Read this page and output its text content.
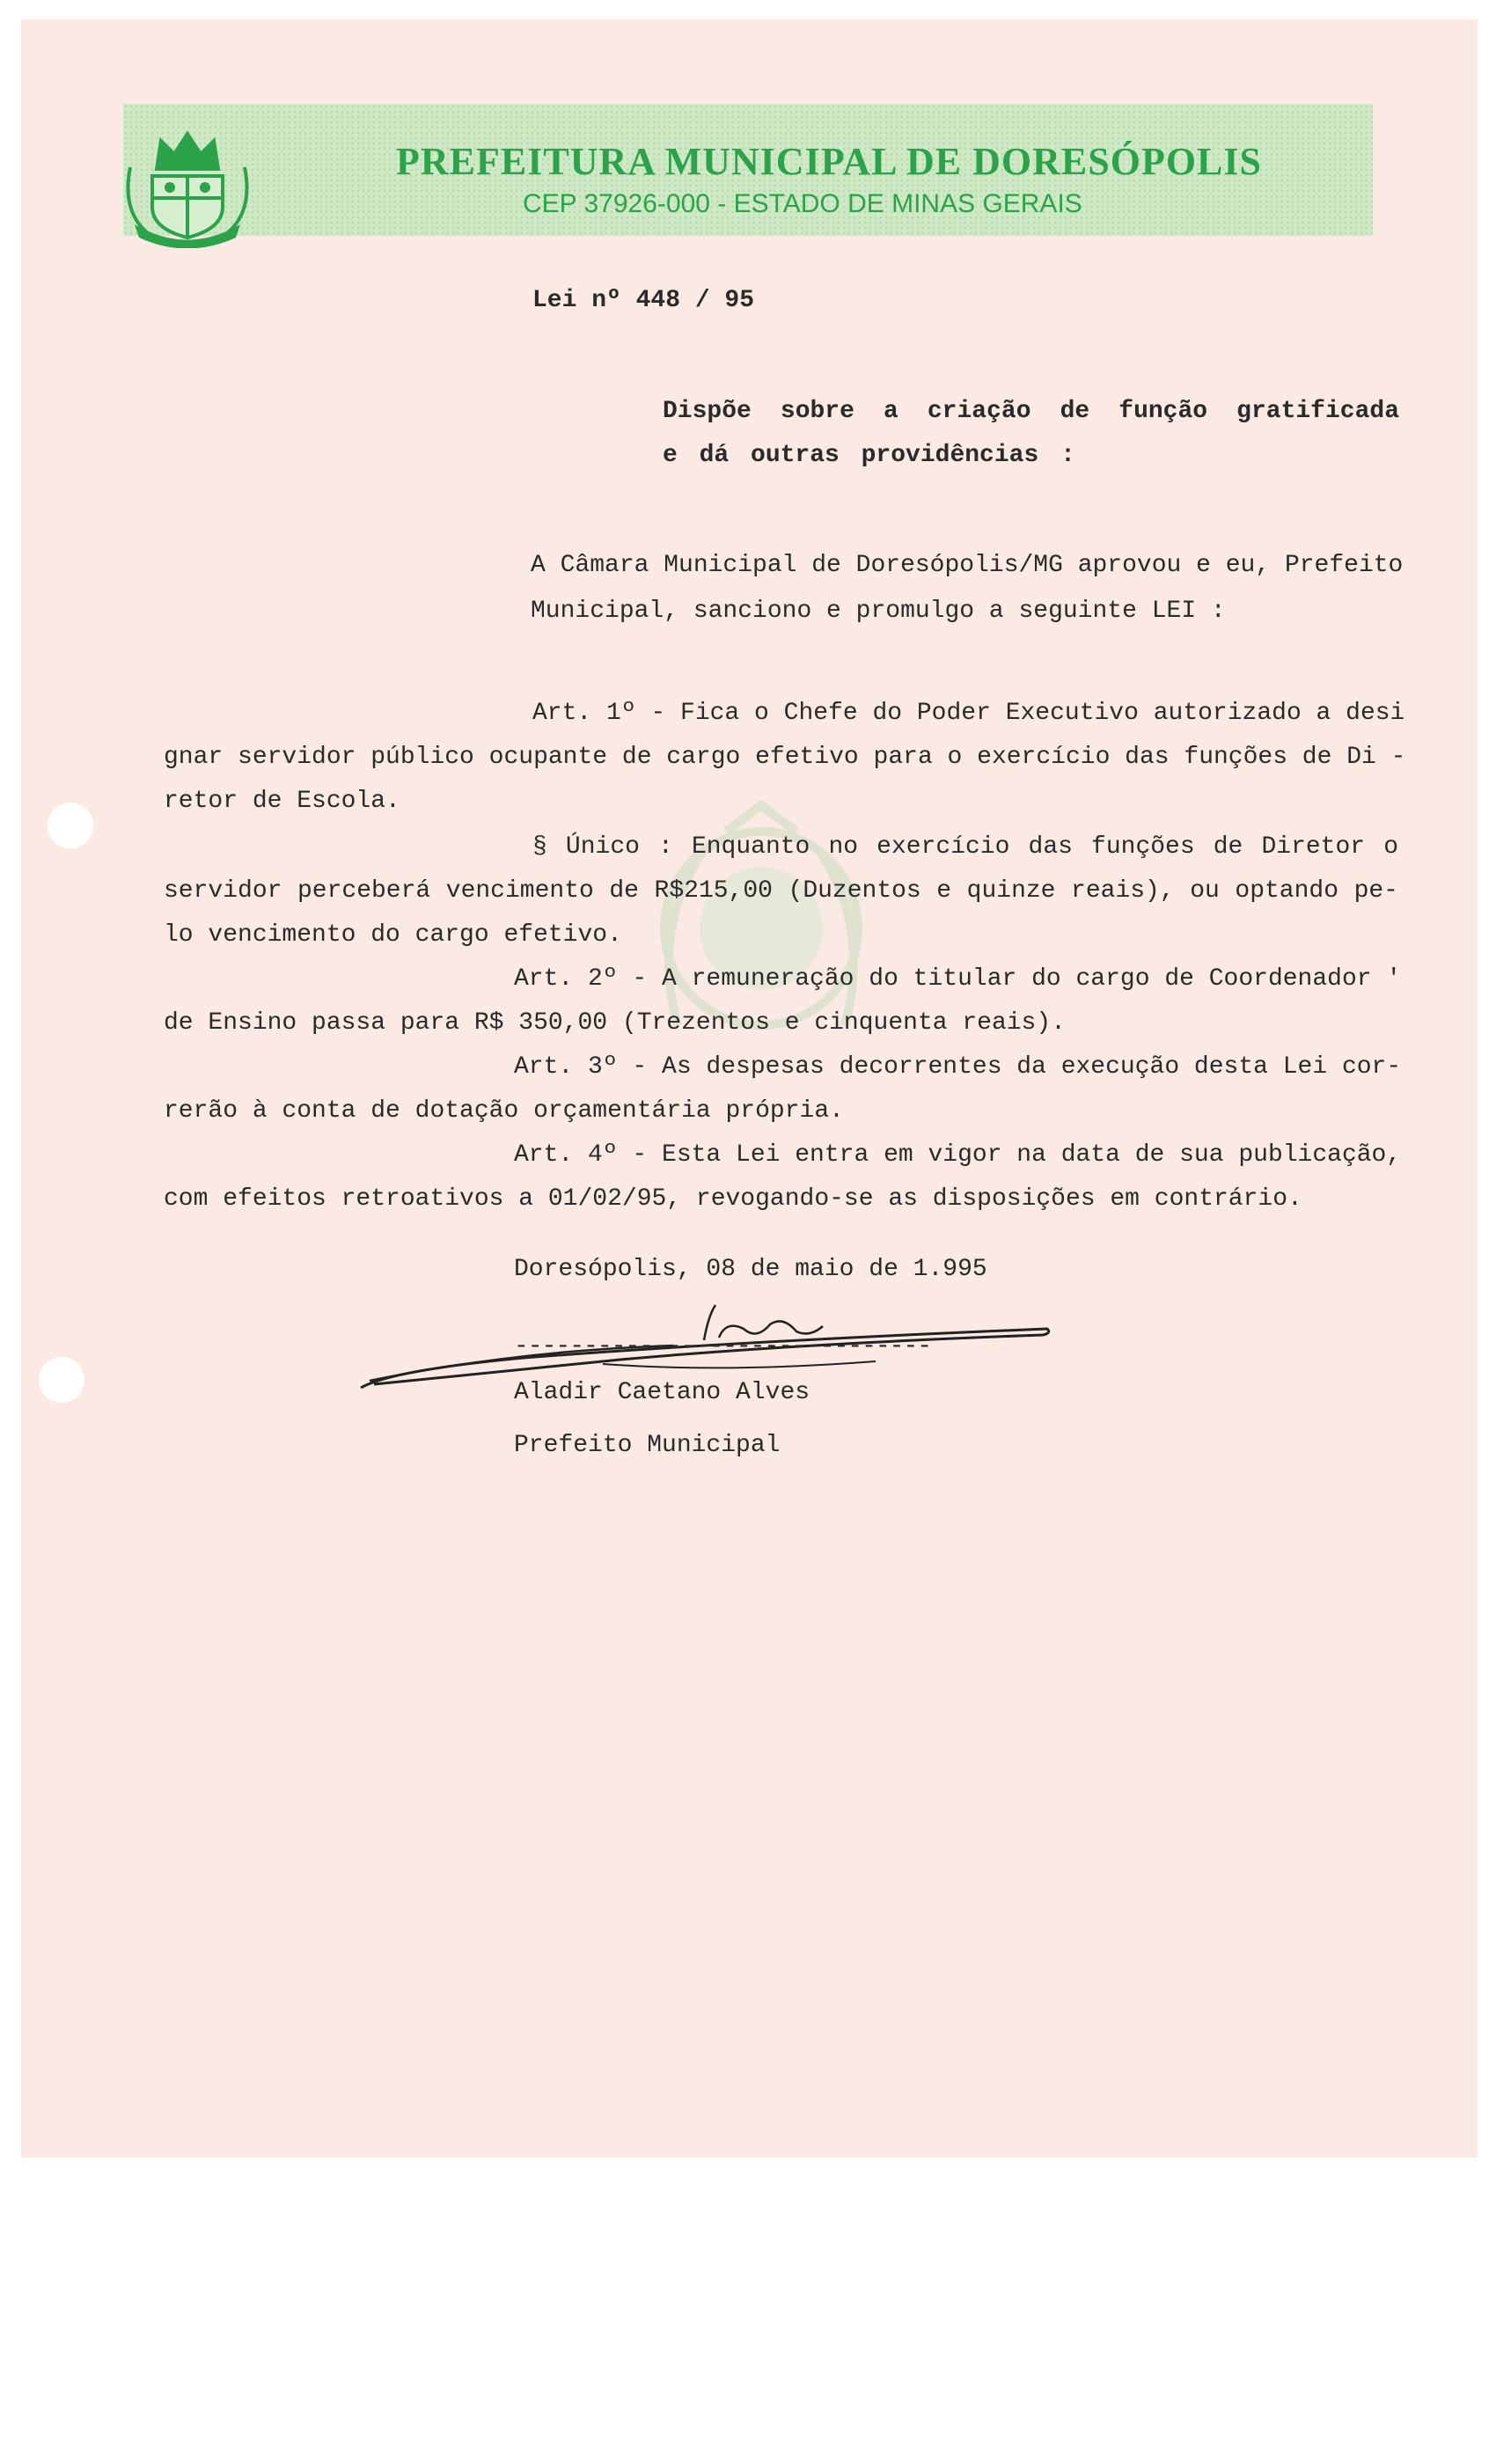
PREFEITURA MUNICIPAL DE DORESÓPOLIS
CEP 37926-000 - ESTADO DE MINAS GERAIS
Lei nº 448 / 95
Dispõe sobre a criação de função gratificada
e dá outras providências :
A Câmara Municipal de Doresópolis/MG aprovou e eu, Prefeito
Municipal, sanciono e promulgo a seguinte LEI :
Art. 1º - Fica o Chefe do Poder Executivo autorizado a desi
gnar servidor público ocupante de cargo efetivo para o exercício das funções de Di -
retor de Escola.
§ Único : Enquanto no exercício das funções de Diretor o
servidor perceberá vencimento de R$215,00 (Duzentos e quinze reais), ou optando pe-
lo vencimento do cargo efetivo.
Art. 2º - A remuneração do titular do cargo de Coordenador '
de Ensino passa para R$ 350,00 (Trezentos e cinquenta reais).
Art. 3º - As despesas decorrentes da execução desta Lei cor-
rerão à conta de dotação orçamentária própria.
Art. 4º - Esta Lei entra em vigor na data de sua publicação,
com efeitos retroativos a 01/02/95, revogando-se as disposições em contrário.
Doresópolis, 08 de maio de 1.995
------------------------------
Aladir Caetano Alves
Prefeito Municipal
